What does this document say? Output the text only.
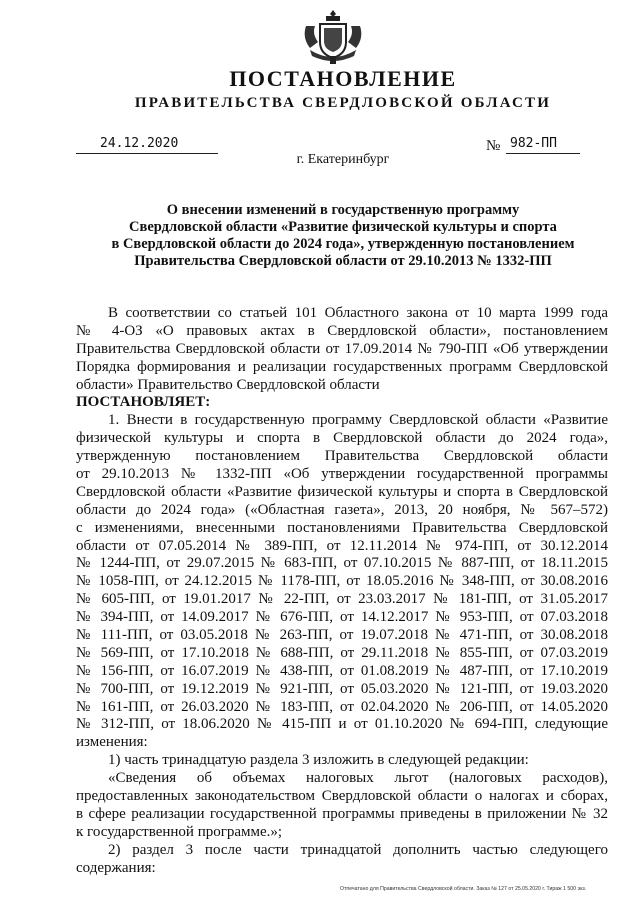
ПОСТАНОВЛЕНИЕ
ПРАВИТЕЛЬСТВА СВЕРДЛОВСКОЙ ОБЛАСТИ
24.12.2020	№ 982-ПП
г. Екатеринбург
О внесении изменений в государственную программу
Свердловской области «Развитие физической культуры и спорта
в Свердловской области до 2024 года», утвержденную постановлением
Правительства Свердловской области от 29.10.2013 № 1332-ПП
В соответствии со статьей 101 Областного закона от 10 марта 1999 года
№ 4-ОЗ «О правовых актах в Свердловской области», постановлением
Правительства Свердловской области от 17.09.2014 № 790-ПП «Об утверждении
Порядка формирования и реализации государственных программ Свердловской
области» Правительство Свердловской области
ПОСТАНОВЛЯЕТ:
1. Внести в государственную программу Свердловской области «Развитие
физической культуры и спорта в Свердловской области до 2024 года»,
утвержденную постановлением Правительства Свердловской области
от 29.10.2013 № 1332-ПП «Об утверждении государственной программы
Свердловской области «Развитие физической культуры и спорта в Свердловской
области до 2024 года» («Областная газета», 2013, 20 ноября, № 567–572)
с изменениями, внесенными постановлениями Правительства Свердловской
области от 07.05.2014 № 389-ПП, от 12.11.2014 № 974-ПП, от 30.12.2014
№ 1244-ПП, от 29.07.2015 № 683-ПП, от 07.10.2015 № 887-ПП, от 18.11.2015
№ 1058-ПП, от 24.12.2015 № 1178-ПП, от 18.05.2016 № 348-ПП, от 30.08.2016
№ 605-ПП, от 19.01.2017 № 22-ПП, от 23.03.2017 № 181-ПП, от 31.05.2017
№ 394-ПП, от 14.09.2017 № 676-ПП, от 14.12.2017 № 953-ПП, от 07.03.2018
№ 111-ПП, от 03.05.2018 № 263-ПП, от 19.07.2018 № 471-ПП, от 30.08.2018
№ 569-ПП, от 17.10.2018 № 688-ПП, от 29.11.2018 № 855-ПП, от 07.03.2019
№ 156-ПП, от 16.07.2019 № 438-ПП, от 01.08.2019 № 487-ПП, от 17.10.2019
№ 700-ПП, от 19.12.2019 № 921-ПП, от 05.03.2020 № 121-ПП, от 19.03.2020
№ 161-ПП, от 26.03.2020 № 183-ПП, от 02.04.2020 № 206-ПП, от 14.05.2020
№ 312-ПП, от 18.06.2020 № 415-ПП и от 01.10.2020 № 694-ПП, следующие
изменения:
1) часть тринадцатую раздела 3 изложить в следующей редакции:
«Сведения об объемах налоговых льгот (налоговых расходов),
предоставленных законодательством Свердловской области о налогах и сборах,
в сфере реализации государственной программы приведены в приложении № 32
к государственной программе.»;
2) раздел 3 после части тринадцатой дополнить частью следующего
содержания:
Отпечатано для Правительства Свердловской области. Заказ № 127 от 25.05.2020 г. Тираж 1 500 экз.
